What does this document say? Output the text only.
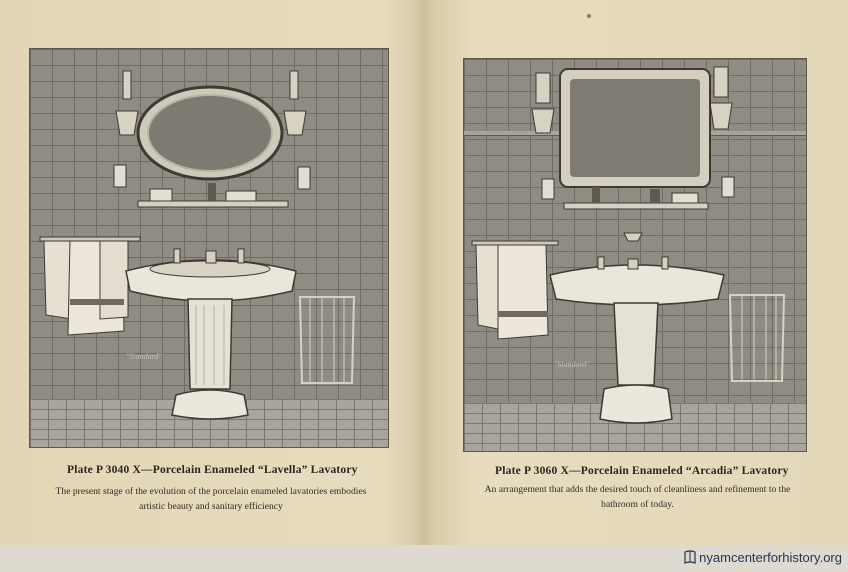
"Standard"
"Standard"
Plate P 3040 X—Porcelain Enameled “Lavella” Lavatory
The present stage of the evolution of the porcelain enameled lavatories embodies
artistic beauty and sanitary efficiency
Plate P 3060 X—Porcelain Enameled “Arcadia” Lavatory
An arrangement that adds the desired touch of cleanliness and refinement to the
bathroom of today.
nyamcenterforhistory.org
